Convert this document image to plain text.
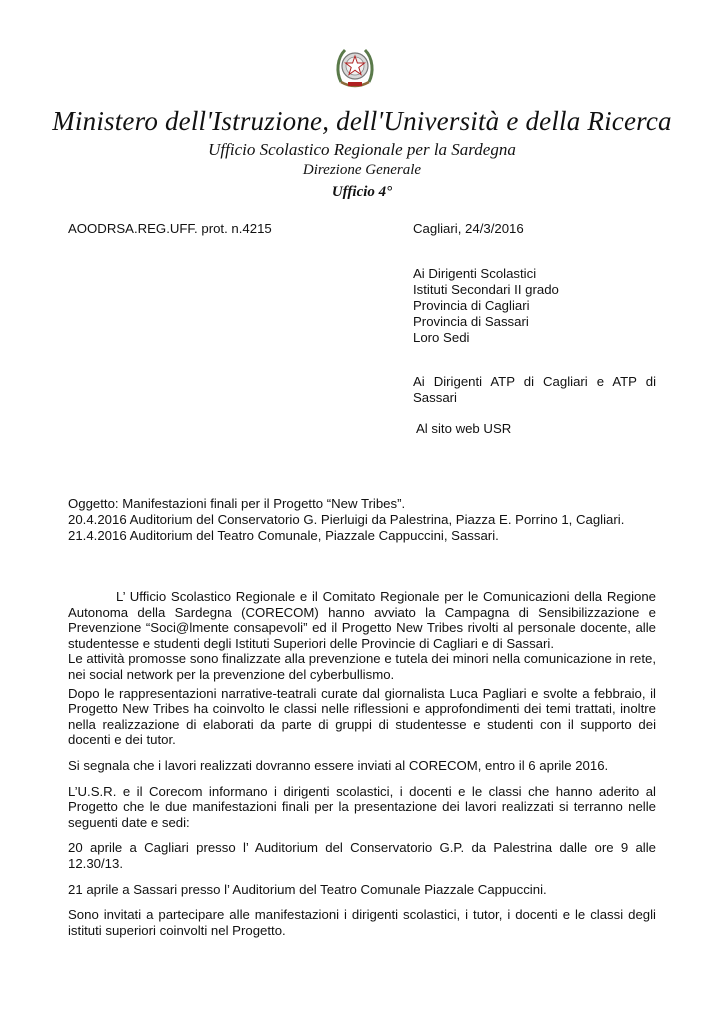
Ministero dell'Istruzione, dell'Università e della Ricerca
Ufficio Scolastico Regionale per la Sardegna
Direzione Generale
Ufficio 4°
AOODRSA.REG.UFF. prot. n.4215	Cagliari, 24/3/2016
Ai Dirigenti Scolastici
Istituti Secondari II grado
Provincia di Cagliari
Provincia di Sassari
Loro Sedi
Ai Dirigenti ATP di Cagliari e ATP di
Sassari
Al sito web USR
Oggetto: Manifestazioni finali per il Progetto “New Tribes”.
20.4.2016 Auditorium del Conservatorio G. Pierluigi da Palestrina, Piazza E. Porrino 1, Cagliari.
21.4.2016 Auditorium del Teatro Comunale, Piazzale Cappuccini, Sassari.

L’ Ufficio Scolastico Regionale e il Comitato Regionale per le Comunicazioni della Regione Autonoma della Sardegna (CORECOM) hanno avviato la Campagna di Sensibilizzazione e Prevenzione “Soci@lmente consapevoli” ed il Progetto New Tribes rivolti al personale docente, alle studentesse e studenti degli Istituti Superiori delle Provincie di Cagliari e di Sassari.

Le attività promosse sono finalizzate alla prevenzione e tutela dei minori nella comunicazione in rete, nei social network per la prevenzione del cyberbullismo.

Dopo le rappresentazioni narrative-teatrali curate dal giornalista Luca Pagliari e svolte a febbraio, il Progetto New Tribes ha coinvolto le classi nelle riflessioni e approfondimenti dei temi trattati, inoltre nella realizzazione di elaborati da parte di gruppi di studentesse e studenti con il supporto dei docenti e dei tutor.

Si segnala che i lavori realizzati dovranno essere inviati al CORECOM, entro il 6 aprile 2016.

L’U.S.R. e il Corecom informano i dirigenti scolastici, i docenti e le classi che hanno aderito al Progetto che le due manifestazioni finali per la presentazione dei lavori realizzati si terranno nelle seguenti date e sedi:

20 aprile a Cagliari presso l’ Auditorium del Conservatorio G.P. da Palestrina dalle ore 9 alle 12.30/13.

21 aprile a Sassari presso l’ Auditorium del Teatro Comunale Piazzale Cappuccini.

Sono invitati a partecipare alle manifestazioni i dirigenti scolastici, i tutor, i docenti e le classi degli istituti superiori coinvolti nel Progetto.
